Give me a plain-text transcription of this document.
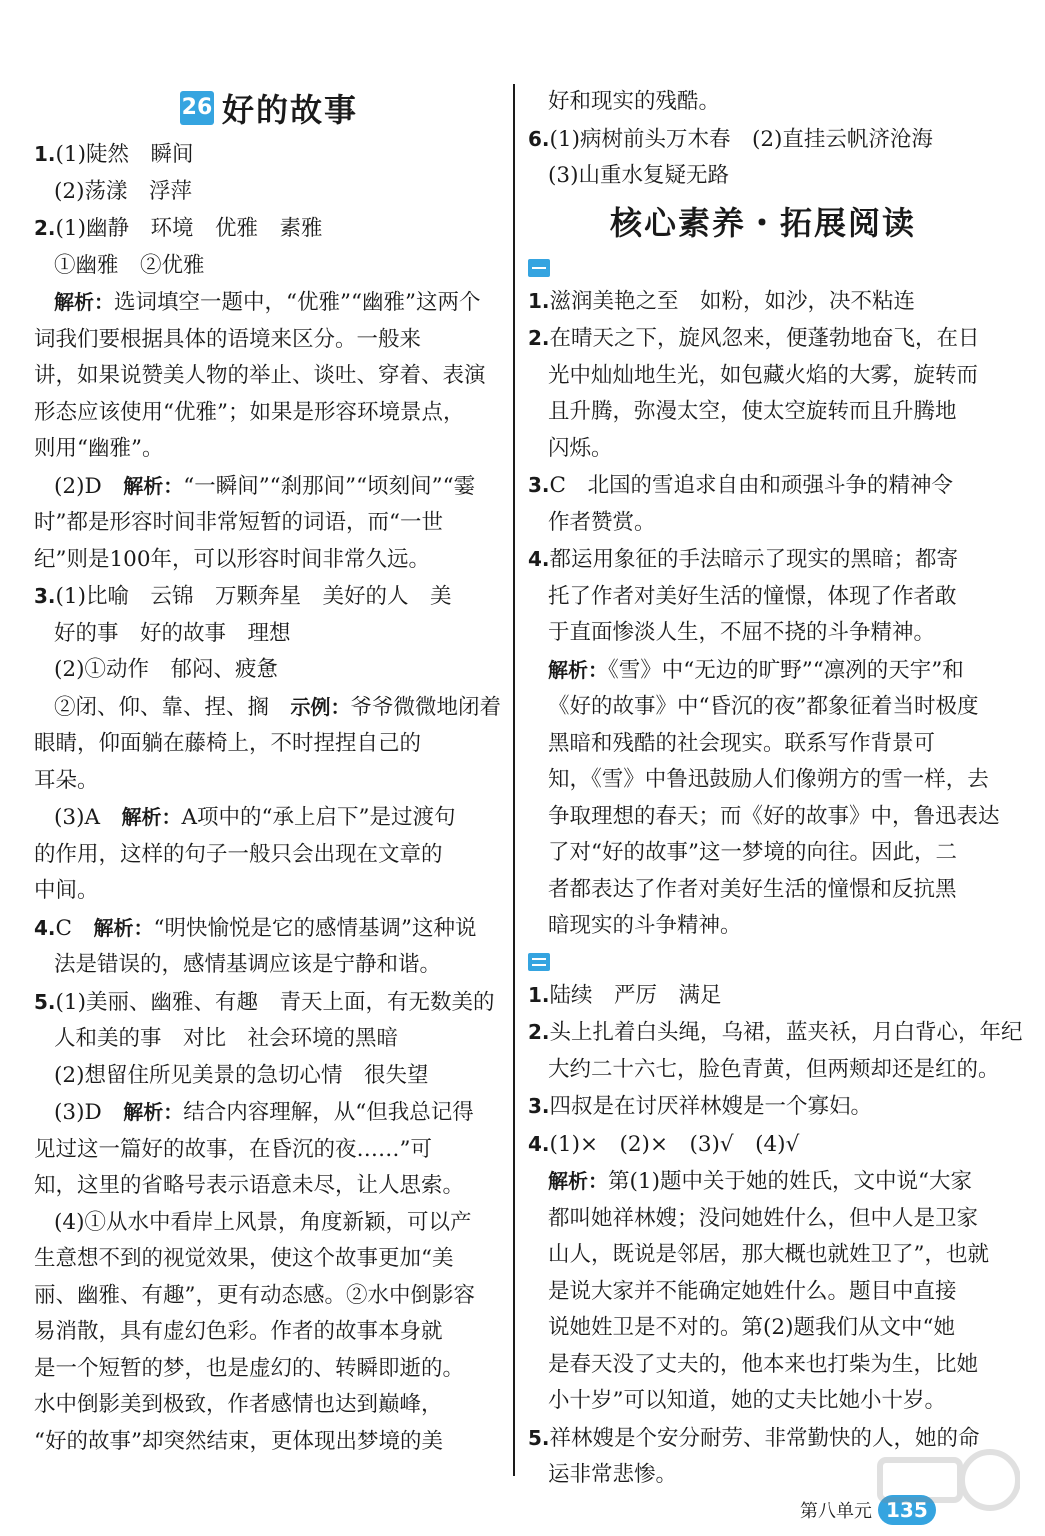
26 好的故事
1.(1)陡然　瞬间
(2)荡漾　浮萍
2.(1)幽静　环境　优雅　素雅
①幽雅　②优雅
解析：选词填空一题中，“优雅”“幽雅”这两个
词我们要根据具体的语境来区分。一般来
讲，如果说赞美人物的举止、谈吐、穿着、表演
形态应该使用“优雅”；如果是形容环境景点，
则用“幽雅”。
(2)D　解析：“一瞬间”“刹那间”“顷刻间”“霎
时”都是形容时间非常短暂的词语，而“一世
纪”则是100年，可以形容时间非常久远。
3.(1)比喻　云锦　万颗奔星　美好的人　美
好的事　好的故事　理想
(2)①动作　郁闷、疲惫
②闭、仰、靠、捏、搁　示例：爷爷微微地闭着
眼睛，仰面躺在藤椅上，不时捏捏自己的
耳朵。
(3)A　解析：A项中的“承上启下”是过渡句
的作用，这样的句子一般只会出现在文章的
中间。
4.C　解析：“明快愉悦是它的感情基调”这种说
法是错误的，感情基调应该是宁静和谐。
5.(1)美丽、幽雅、有趣　青天上面，有无数美的
人和美的事　对比　社会环境的黑暗
(2)想留住所见美景的急切心情　很失望
(3)D　解析：结合内容理解，从“但我总记得
见过这一篇好的故事，在昏沉的夜……”可
知，这里的省略号表示语意未尽，让人思索。
(4)①从水中看岸上风景，角度新颖，可以产
生意想不到的视觉效果，使这个故事更加“美
丽、幽雅、有趣”，更有动态感。②水中倒影容
易消散，具有虚幻色彩。作者的故事本身就
是一个短暂的梦，也是虚幻的、转瞬即逝的。
水中倒影美到极致，作者感情也达到巅峰，
“好的故事”却突然结束，更体现出梦境的美
好和现实的残酷。
6.(1)病树前头万木春　(2)直挂云帆济沧海
(3)山重水复疑无路
核心素养・拓展阅读
1.滋润美艳之至　如粉，如沙，决不粘连
2.在晴天之下，旋风忽来，便蓬勃地奋飞，在日
光中灿灿地生光，如包藏火焰的大雾，旋转而
且升腾，弥漫太空，使太空旋转而且升腾地
闪烁。
3.C　北国的雪追求自由和顽强斗争的精神令
作者赞赏。
4.都运用象征的手法暗示了现实的黑暗；都寄
托了作者对美好生活的憧憬，体现了作者敢
于直面惨淡人生，不屈不挠的斗争精神。
解析：《雪》中“无边的旷野”“凛冽的天宇”和
《好的故事》中“昏沉的夜”都象征着当时极度
黑暗和残酷的社会现实。联系写作背景可
知，《雪》中鲁迅鼓励人们像朔方的雪一样，去
争取理想的春天；而《好的故事》中，鲁迅表达
了对“好的故事”这一梦境的向往。因此，二
者都表达了作者对美好生活的憧憬和反抗黑
暗现实的斗争精神。
1.陆续　严厉　满足
2.头上扎着白头绳，乌裙，蓝夹袄，月白背心，年纪
大约二十六七，脸色青黄，但两颊却还是红的。
3.四叔是在讨厌祥林嫂是一个寡妇。
4.(1)×　(2)×　(3)√　(4)√
解析：第(1)题中关于她的姓氏，文中说“大家
都叫她祥林嫂；没问她姓什么，但中人是卫家
山人，既说是邻居，那大概也就姓卫了”，也就
是说大家并不能确定她姓什么。题目中直接
说她姓卫是不对的。第(2)题我们从文中“她
是春天没了丈夫的，他本来也打柴为生，比她
小十岁”可以知道，她的丈夫比她小十岁。
5.祥林嫂是个安分耐劳、非常勤快的人，她的命
运非常悲惨。
第八单元 135
